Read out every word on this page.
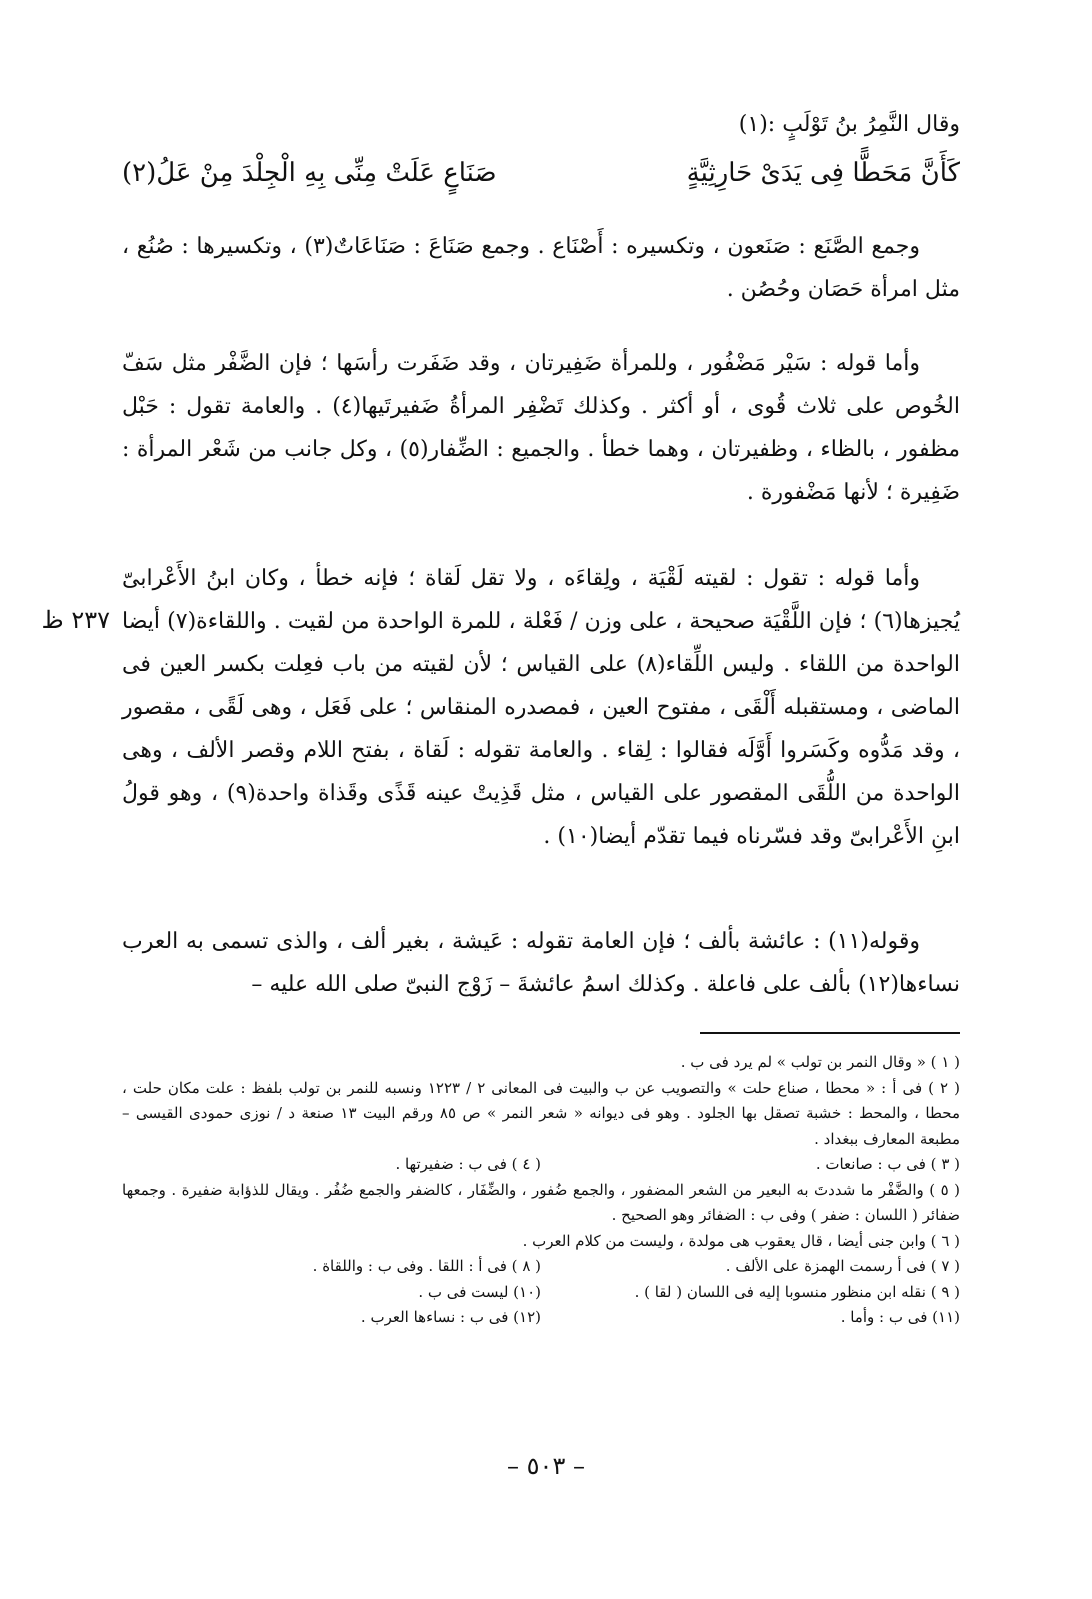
وقال النَّمِرُ بنُ تَوْلَبٍ :(١)
كَأَنَّ مَحَطًّا فِى يَدَىْ حَارِثِيَّةٍ
صَنَاعٍ عَلَتْ مِنِّى بِهِ الْجِلْدَ مِنْ عَلُ(٢)

وجمع الصَّنَع : صَنَعون ، وتكسيره : أَصْنَاع . وجمع صَنَاعَ : صَنَاعَاتٌ(٣) ، وتكسيرها : صُنُع ، مثل امرأة حَصَان وحُصُن .

وأما قوله : سَيْر مَضْفُور ، وللمرأة ضَفِيرتان ، وقد ضَفَرت رأسَها ؛ فإن الضَّفْر مثل سَفّ الخُوص على ثلاث قُوى ، أو أكثر . وكذلك تَضْفِر المرأةُ ضَفيرتَيها(٤) . والعامة تقول : حَبْل مظفور ، بالظاء ، وظفيرتان ، وهما خطأ . والجميع : الضِّفار(٥) ، وكل جانب من شَعْر المرأة : ضَفِيرة ؛ لأنها مَضْفورة .

وأما قوله : تقول : لقيته لَقْيَة ، ولِقاءَه ، ولا تقل لَقاة ؛ فإنه خطأ ، وكان ابنُ الأَعْرابىّ يُجيزها(٦) ؛ فإن اللَّقْيَة صحيحة ، على وزن / فَعْلة ، للمرة الواحدة من لقيت . واللقاءة(٧) أيضا الواحدة من اللقاء . وليس اللِّقاء(٨) على القياس ؛ لأن لقيته من باب فعِلت بكسر العين فى الماضى ، ومستقبله أَلْقَى ، مفتوح العين ، فمصدره المنقاس ؛ على فَعَل ، وهى لَقًى ، مقصور ، وقد مَدُّوه وكَسَروا أَوَّلَه فقالوا : لِقاء . والعامة تقوله : لَقاة ، بفتح اللام وقصر الألف ، وهى الواحدة من اللُّقَى المقصور على القياس ، مثل قَذِيتْ عينه قَذًى وقَذاة واحدة(٩) ، وهو قولُ ابنِ الأَعْرابىّ وقد فسّرناه فيما تقدّم أيضا(١٠) .

وقوله(١١) : عائشة بألف ؛ فإن العامة تقوله : عَيشة ، بغير ألف ، والذى تسمى به العرب نساءها(١٢) بألف على فاعلة . وكذلك اسمُ عائشةَ – زَوْج النبىّ صلى الله عليه –

٢٣٧ ظ
( ١ ) « وقال النمر بن تولب » لم يرد فى ب .
( ٢ ) فى أ : « محطا ، صناع حلت » والتصويب عن ب والبيت فى المعانى ٢ / ١٢٢٣ ونسبه للنمر بن تولب بلفظ : علت مكان حلت ، محطا ، والمحط : خشبة تصقل بها الجلود . وهو فى ديوانه « شعر النمر » ص ٨٥ ورقم البيت ١٣ صنعة د / نوزى حمودى القيسى – مطبعة المعارف ببغداد .
( ٣ ) فى ب : صانعات .
( ٤ ) فى ب : ضفيرتها .
( ٥ ) والضَّفْر ما شددتَ به البعير من الشعر المضفور ، والجمع ضُفور ، والضِّفَار ، كالضفر والجمع ضُفُر . ويقال للذؤابة ضفيرة . وجمعها ضفائر ( اللسان : ضفر ) وفى ب : الضفائر وهو الصحيح .
( ٦ ) وابن جنى أيضا ، قال يعقوب هى مولدة ، وليست من كلام العرب .
( ٧ ) فى أ رسمت الهمزة على الألف .
( ٨ ) فى أ : اللقا . وفى ب : واللقاة .
( ٩ ) نقله ابن منظور منسوبا إليه فى اللسان ( لقا ) .
(١٠) ليست فى ب .
(١١) فى ب : وأما .
(١٢) فى ب : نساءها العرب .
– ٥٠٣ –
